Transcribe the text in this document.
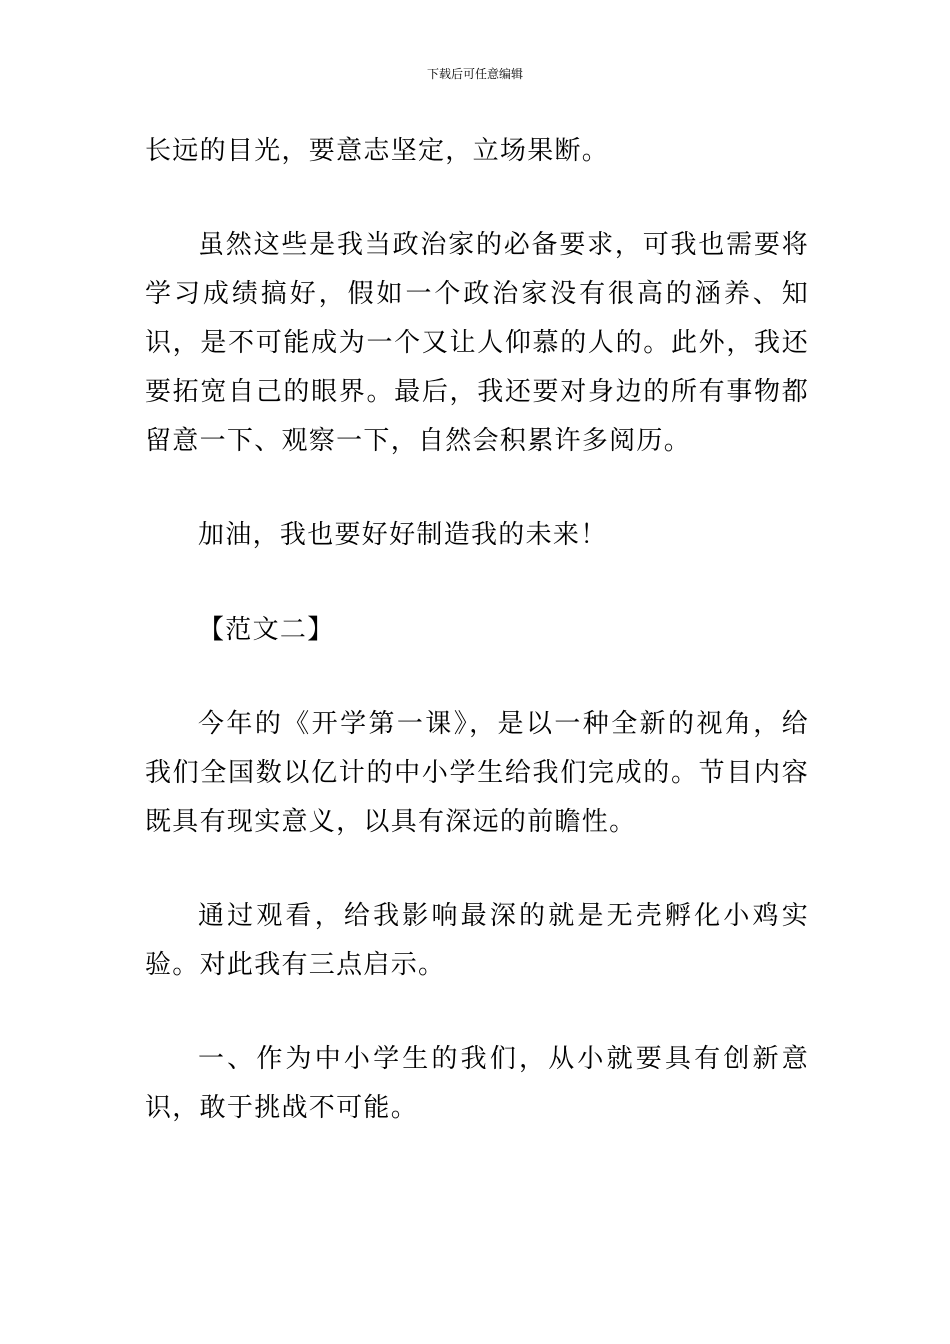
下载后可任意编辑

长远的目光，要意志坚定，立场果断。

虽然这些是我当政治家的必备要求，可我也需要将学习成绩搞好，假如一个政治家没有很高的涵养、知识，是不可能成为一个又让人仰慕的人的。此外，我还要拓宽自己的眼界。最后，我还要对身边的所有事物都留意一下、观察一下，自然会积累许多阅历。

加油，我也要好好制造我的未来！

【范文二】

今年的《开学第一课》，是以一种全新的视角，给我们全国数以亿计的中小学生给我们完成的。节目内容既具有现实意义，以具有深远的前瞻性。

通过观看，给我影响最深的就是无壳孵化小鸡实验。对此我有三点启示。

一、作为中小学生的我们，从小就要具有创新意识，敢于挑战不可能。
